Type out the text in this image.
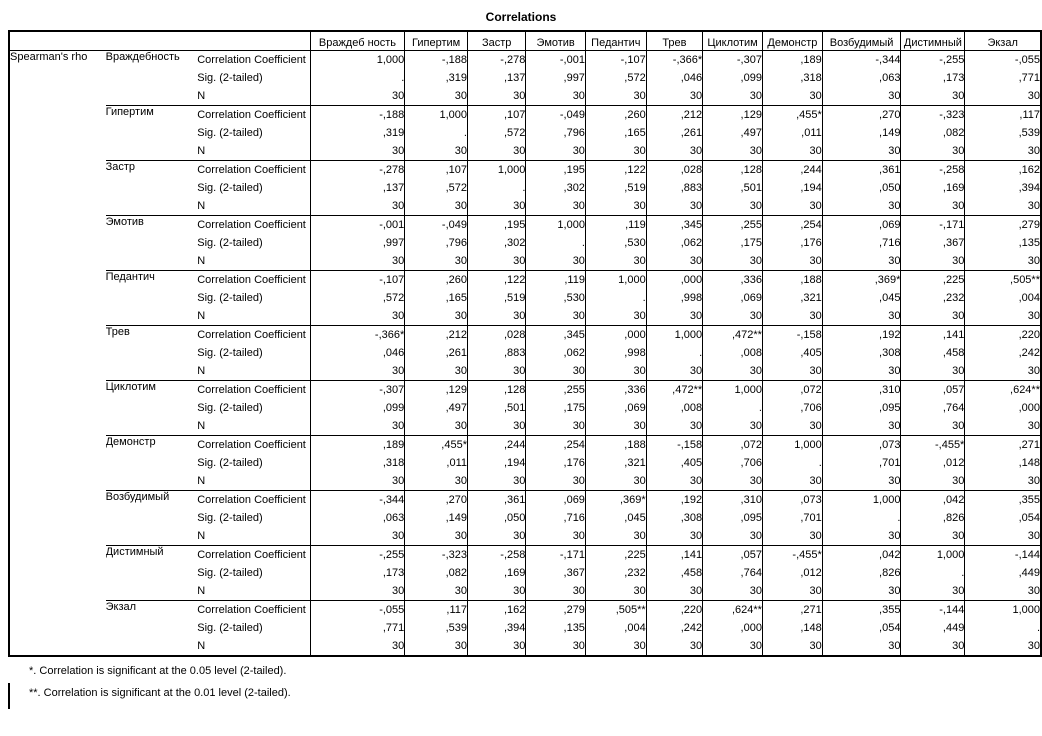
Correlations
			Враждеб ность	Гипертим	Застр	Эмотив	Педантич	Трев	Циклотим	Демонстр	Возбудимый	Дистимный	Экзал
Spearman's rho	Враждебность	Correlation Coefficient	1,000	-,188	-,278	-,001	-,107	-,366*	-,307	,189	-,344	-,255	-,055
		Sig. (2-tailed)	.	,319	,137	,997	,572	,046	,099	,318	,063	,173	,771
		N	30	30	30	30	30	30	30	30	30	30	30
	Гипертим	Correlation Coefficient	-,188	1,000	,107	-,049	,260	,212	,129	,455*	,270	-,323	,117
		Sig. (2-tailed)	,319	.	,572	,796	,165	,261	,497	,011	,149	,082	,539
		N	30	30	30	30	30	30	30	30	30	30	30
	Застр	Correlation Coefficient	-,278	,107	1,000	,195	,122	,028	,128	,244	,361	-,258	,162
		Sig. (2-tailed)	,137	,572	.	,302	,519	,883	,501	,194	,050	,169	,394
		N	30	30	30	30	30	30	30	30	30	30	30
	Эмотив	Correlation Coefficient	-,001	-,049	,195	1,000	,119	,345	,255	,254	,069	-,171	,279
		Sig. (2-tailed)	,997	,796	,302	.	,530	,062	,175	,176	,716	,367	,135
		N	30	30	30	30	30	30	30	30	30	30	30
	Педантич	Correlation Coefficient	-,107	,260	,122	,119	1,000	,000	,336	,188	,369*	,225	,505**
		Sig. (2-tailed)	,572	,165	,519	,530	.	,998	,069	,321	,045	,232	,004
		N	30	30	30	30	30	30	30	30	30	30	30
	Трев	Correlation Coefficient	-,366*	,212	,028	,345	,000	1,000	,472**	-,158	,192	,141	,220
		Sig. (2-tailed)	,046	,261	,883	,062	,998	.	,008	,405	,308	,458	,242
		N	30	30	30	30	30	30	30	30	30	30	30
	Циклотим	Correlation Coefficient	-,307	,129	,128	,255	,336	,472**	1,000	,072	,310	,057	,624**
		Sig. (2-tailed)	,099	,497	,501	,175	,069	,008	.	,706	,095	,764	,000
		N	30	30	30	30	30	30	30	30	30	30	30
	Демонстр	Correlation Coefficient	,189	,455*	,244	,254	,188	-,158	,072	1,000	,073	-,455*	,271
		Sig. (2-tailed)	,318	,011	,194	,176	,321	,405	,706	.	,701	,012	,148
		N	30	30	30	30	30	30	30	30	30	30	30
	Возбудимый	Correlation Coefficient	-,344	,270	,361	,069	,369*	,192	,310	,073	1,000	,042	,355
		Sig. (2-tailed)	,063	,149	,050	,716	,045	,308	,095	,701	.	,826	,054
		N	30	30	30	30	30	30	30	30	30	30	30
	Дистимный	Correlation Coefficient	-,255	-,323	-,258	-,171	,225	,141	,057	-,455*	,042	1,000	-,144
		Sig. (2-tailed)	,173	,082	,169	,367	,232	,458	,764	,012	,826	.	,449
		N	30	30	30	30	30	30	30	30	30	30	30
	Экзал	Correlation Coefficient	-,055	,117	,162	,279	,505**	,220	,624**	,271	,355	-,144	1,000
		Sig. (2-tailed)	,771	,539	,394	,135	,004	,242	,000	,148	,054	,449	.
		N	30	30	30	30	30	30	30	30	30	30	30
*. Correlation is significant at the 0.05 level (2-tailed).
**. Correlation is significant at the 0.01 level (2-tailed).
